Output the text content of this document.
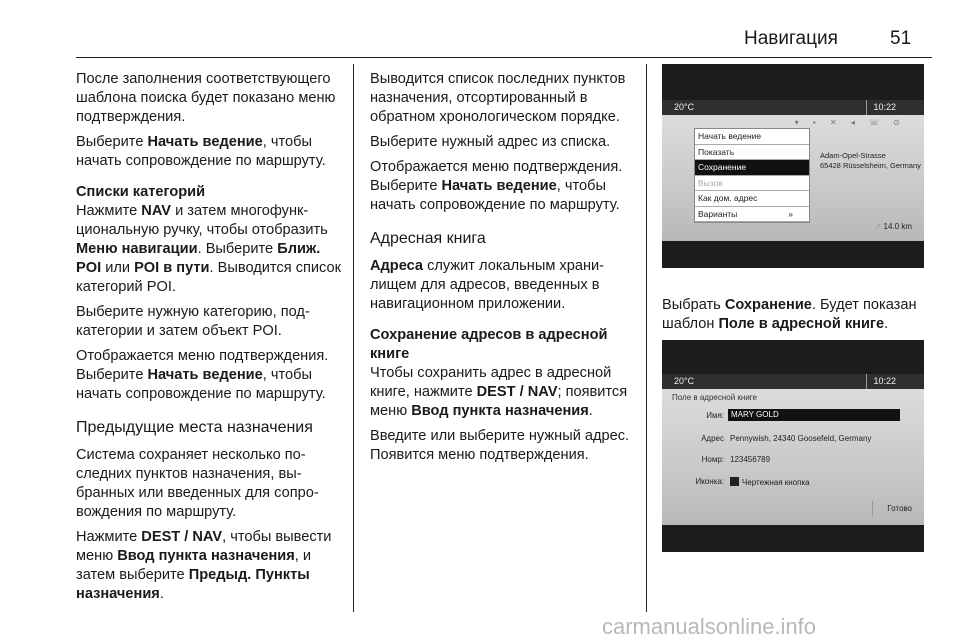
Навигация	51

После заполнения соответствующего шаблона поиска будет показано меню подтверждения.

Выберите Начать ведение, чтобы начать сопровождение по маршруту.

Списки категорий

Нажмите NAV и затем многофункциональную ручку, чтобы отобразить Меню навигации. Выберите Ближ. POI или POI в пути. Выводится список категорий POI.

Выберите нужную категорию, подкатегории и затем объект POI.

Отображается меню подтверждения. Выберите Начать ведение, чтобы начать сопровождение по маршруту.

Предыдущие места назначения

Система сохраняет несколько последних пунктов назначения, выбранных или введенных для сопровождения по маршруту.

Нажмите DEST / NAV, чтобы вывести меню Ввод пункта назначения, и затем выберите Предыд. Пункты назначения.

Выводится список последних пунктов назначения, отсортированный в обратном хронологическом порядке.

Выберите нужный адрес из списка.

Отображается меню подтверждения. Выберите Начать ведение, чтобы начать сопровождение по маршруту.

Адресная книга

Адреса служит локальным хранилищем для адресов, введенных в навигационном приложении.

Сохранение адресов в адресной книге

Чтобы сохранить адрес в адресной книге, нажмите DEST / NAV; появится меню Ввод пункта назначения.

Введите или выберите нужный адрес. Появится меню подтверждения.

20°C	10:22
▾ ▪ ✕ ◂ ☏ ⊙
Начать ведение
Показать
Сохранение
Вызов
Как дом. адрес
Варианты	»
Adam-Opel-Strasse
65428 Rüsselsheim, Germany
⇗ 14.0 km

Выбрать Сохранение. Будет показан шаблон Поле в адресной книге.

20°C	10:22
Поле в адресной книге
Имя: MARY GOLD
Адрес Pennywish, 24340 Goosefeld, Germany
Номр: 123456789
Иконка:	Чертежная кнопка
Готово
carmanualsonline.info
